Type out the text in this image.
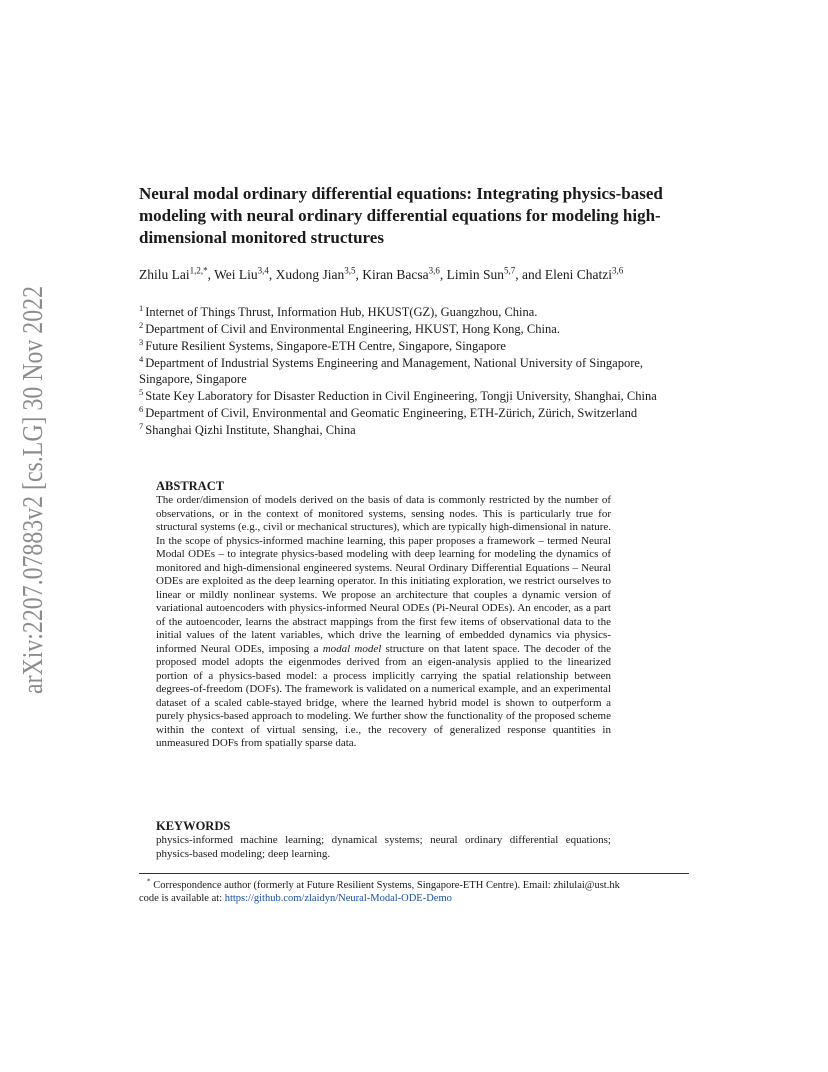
arXiv:2207.07883v2 [cs.LG] 30 Nov 2022
Neural modal ordinary differential equations: Integrating physics-based modeling with neural ordinary differential equations for modeling high-dimensional monitored structures
Zhilu Lai$^{1,2,*}$, Wei Liu$^{3,4}$, Xudong Jian$^{3,5}$, Kiran Bacsa$^{3,6}$, Limin Sun$^{5,7}$, and Eleni Chatzi$^{3,6}$
$^1$ Internet of Things Thrust, Information Hub, HKUST(GZ), Guangzhou, China.
$^2$ Department of Civil and Environmental Engineering, HKUST, Hong Kong, China.
$^3$ Future Resilient Systems, Singapore-ETH Centre, Singapore, Singapore
$^4$ Department of Industrial Systems Engineering and Management, National University of Singapore, Singapore, Singapore
$^5$ State Key Laboratory for Disaster Reduction in Civil Engineering, Tongji University, Shanghai, China
$^6$ Department of Civil, Environmental and Geomatic Engineering, ETH-Zürich, Zürich, Switzerland
$^7$ Shanghai Qizhi Institute, Shanghai, China
ABSTRACT

The order/dimension of models derived on the basis of data is commonly restricted by the number of observations, or in the context of monitored systems, sensing nodes. This is particularly true for structural systems (e.g., civil or mechanical structures), which are typically high-dimensional in nature. In the scope of physics-informed machine learning, this paper proposes a framework – termed Neural Modal ODEs – to integrate physics-based modeling with deep learning for modeling the dynamics of monitored and high-dimensional engineered systems. Neural Ordinary Differential Equations – Neural ODEs are exploited as the deep learning operator. In this initiating exploration, we restrict ourselves to linear or mildly nonlinear systems. We propose an architecture that couples a dynamic version of variational autoencoders with physics-informed Neural ODEs (Pi-Neural ODEs). An encoder, as a part of the autoencoder, learns the abstract mappings from the first few items of observational data to the initial values of the latent variables, which drive the learning of embedded dynamics via physics-informed Neural ODEs, imposing a modal model structure on that latent space. The decoder of the proposed model adopts the eigenmodes derived from an eigen-analysis applied to the linearized portion of a physics-based model: a process implicitly carrying the spatial relationship between degrees-of-freedom (DOFs). The framework is validated on a numerical example, and an experimental dataset of a scaled cable-stayed bridge, where the learned hybrid model is shown to outperform a purely physics-based approach to modeling. We further show the functionality of the proposed scheme within the context of virtual sensing, i.e., the recovery of generalized response quantities in unmeasured DOFs from spatially sparse data.

KEYWORDS

physics-informed machine learning; dynamical systems; neural ordinary differential equations; physics-based modeling; deep learning.

* Correspondence author (formerly at Future Resilient Systems, Singapore-ETH Centre). Email: zhilulai@ust.hk

code is available at: https://github.com/zlaidyn/Neural-Modal-ODE-Demo
